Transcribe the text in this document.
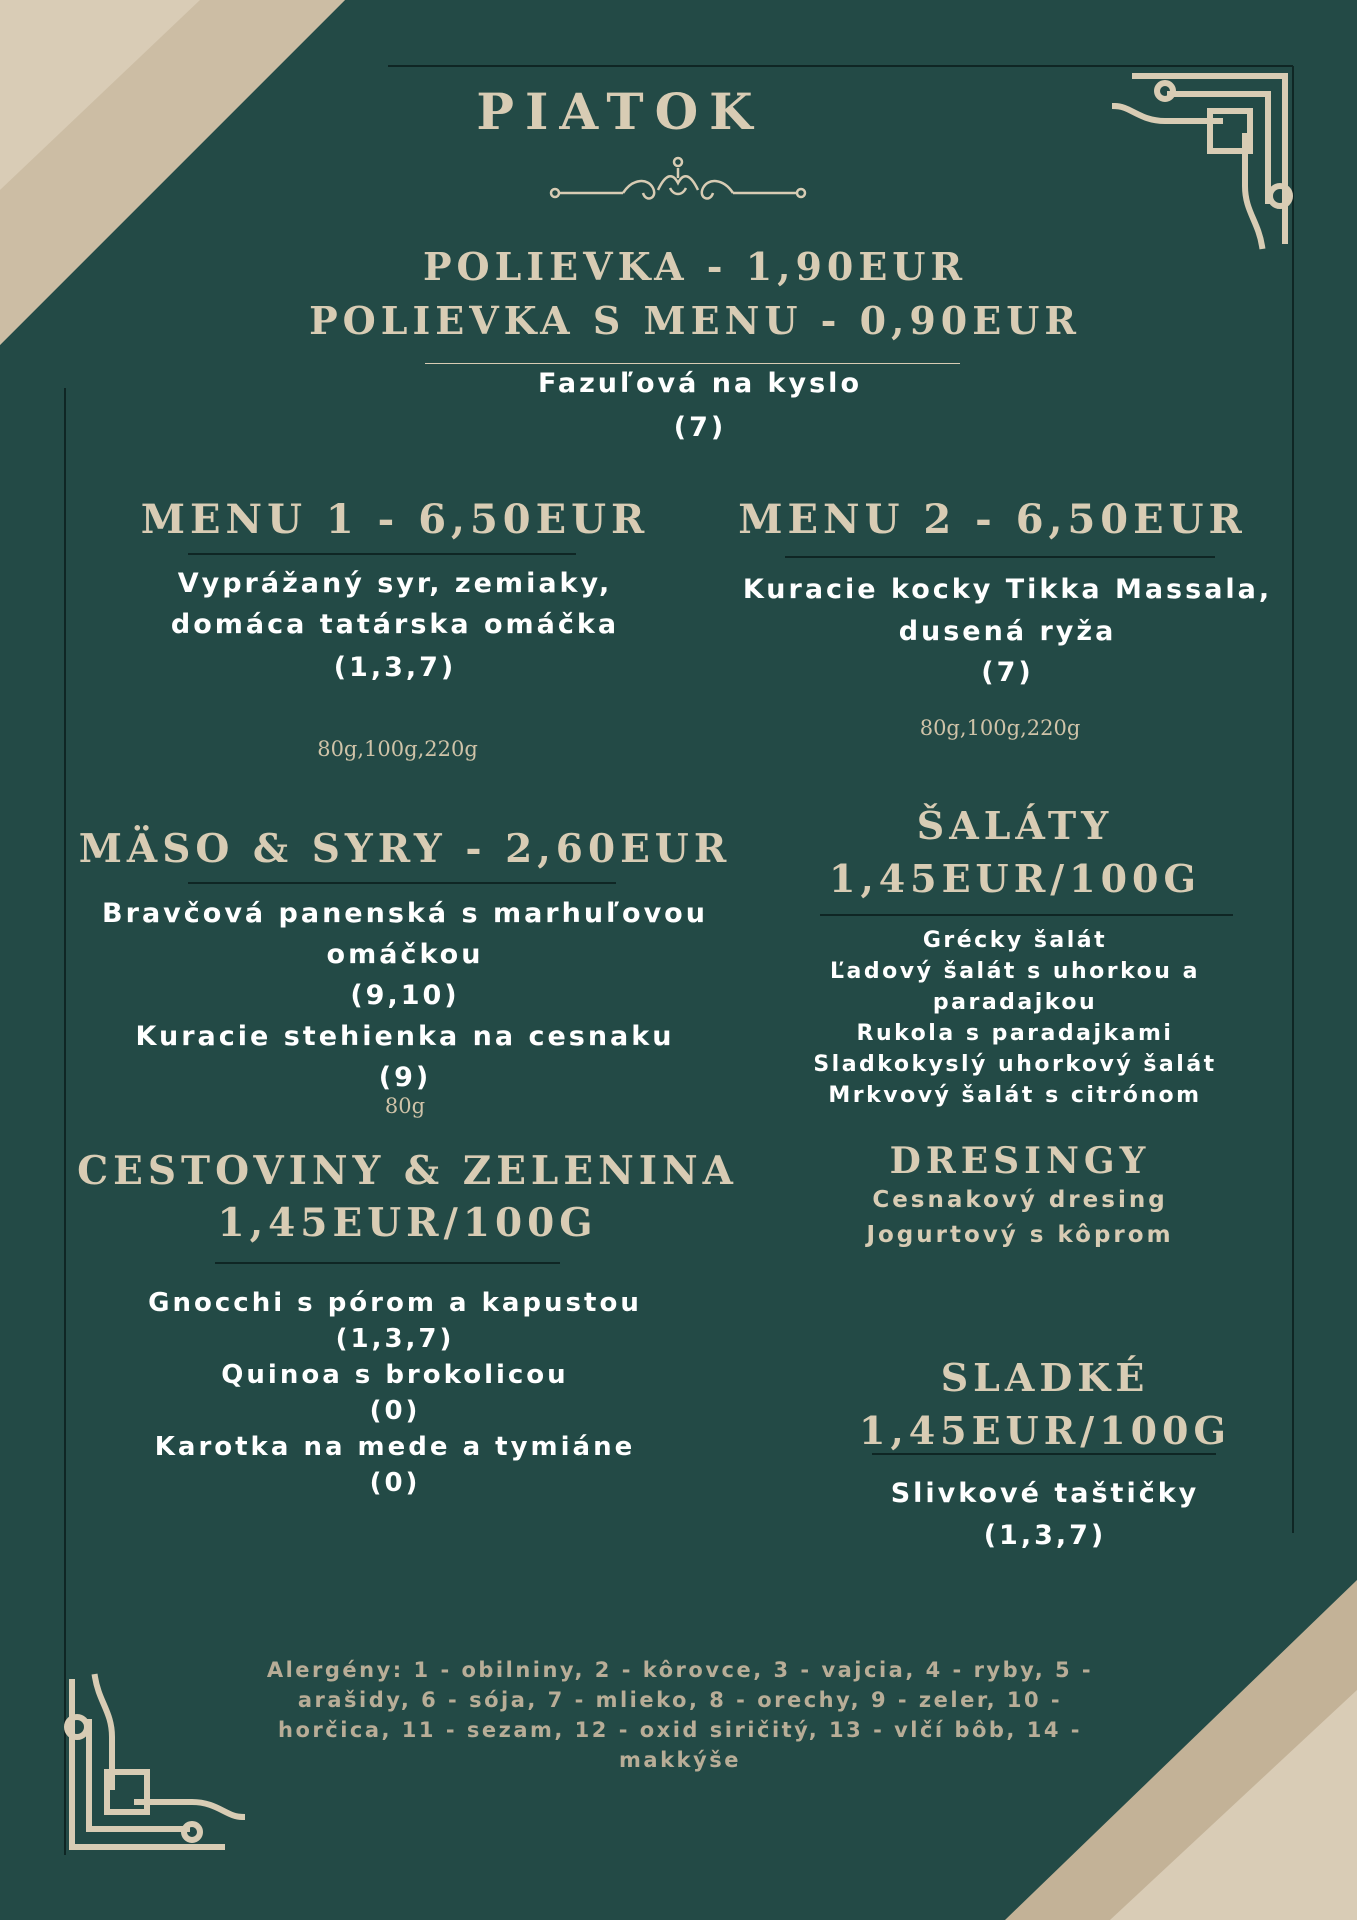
PIATOK
POLIEVKA - 1,90EUR
POLIEVKA S MENU - 0,90EUR
Fazuľová na kyslo
(7)
MENU 1 - 6,50EUR
Vyprážaný syr, zemiaky,
domáca tatárska omáčka
(1,3,7)
80g,100g,220g
MENU 2 - 6,50EUR
Kuracie kocky Tikka Massala,
dusená ryža
(7)
80g,100g,220g
MÄSO & SYRY - 2,60EUR
Bravčová panenská s marhuľovou
omáčkou
(9,10)
Kuracie stehienka na cesnaku
(9)
80g
ŠALÁTY
1,45EUR/100G
Grécky šalát
Ľadový šalát s uhorkou a
paradajkou
Rukola s paradajkami
Sladkokyslý uhorkový šalát
Mrkvový šalát s citrónom
CESTOVINY & ZELENINA
1,45EUR/100G
Gnocchi s pórom a kapustou
(1,3,7)
Quinoa s brokolicou
(0)
Karotka na mede a tymiáne
(0)
DRESINGY
Cesnakový dresing
Jogurtový s kôprom
SLADKÉ
1,45EUR/100G
Slivkové taštičky
(1,3,7)
Alergény: 1 - obilniny, 2 - kôrovce, 3 - vajcia, 4 - ryby, 5 -
arašidy, 6 - sója, 7 - mlieko, 8 - orechy, 9 - zeler, 10 -
horčica, 11 - sezam, 12 - oxid siričitý, 13 - vlčí bôb, 14 -
makkýše
